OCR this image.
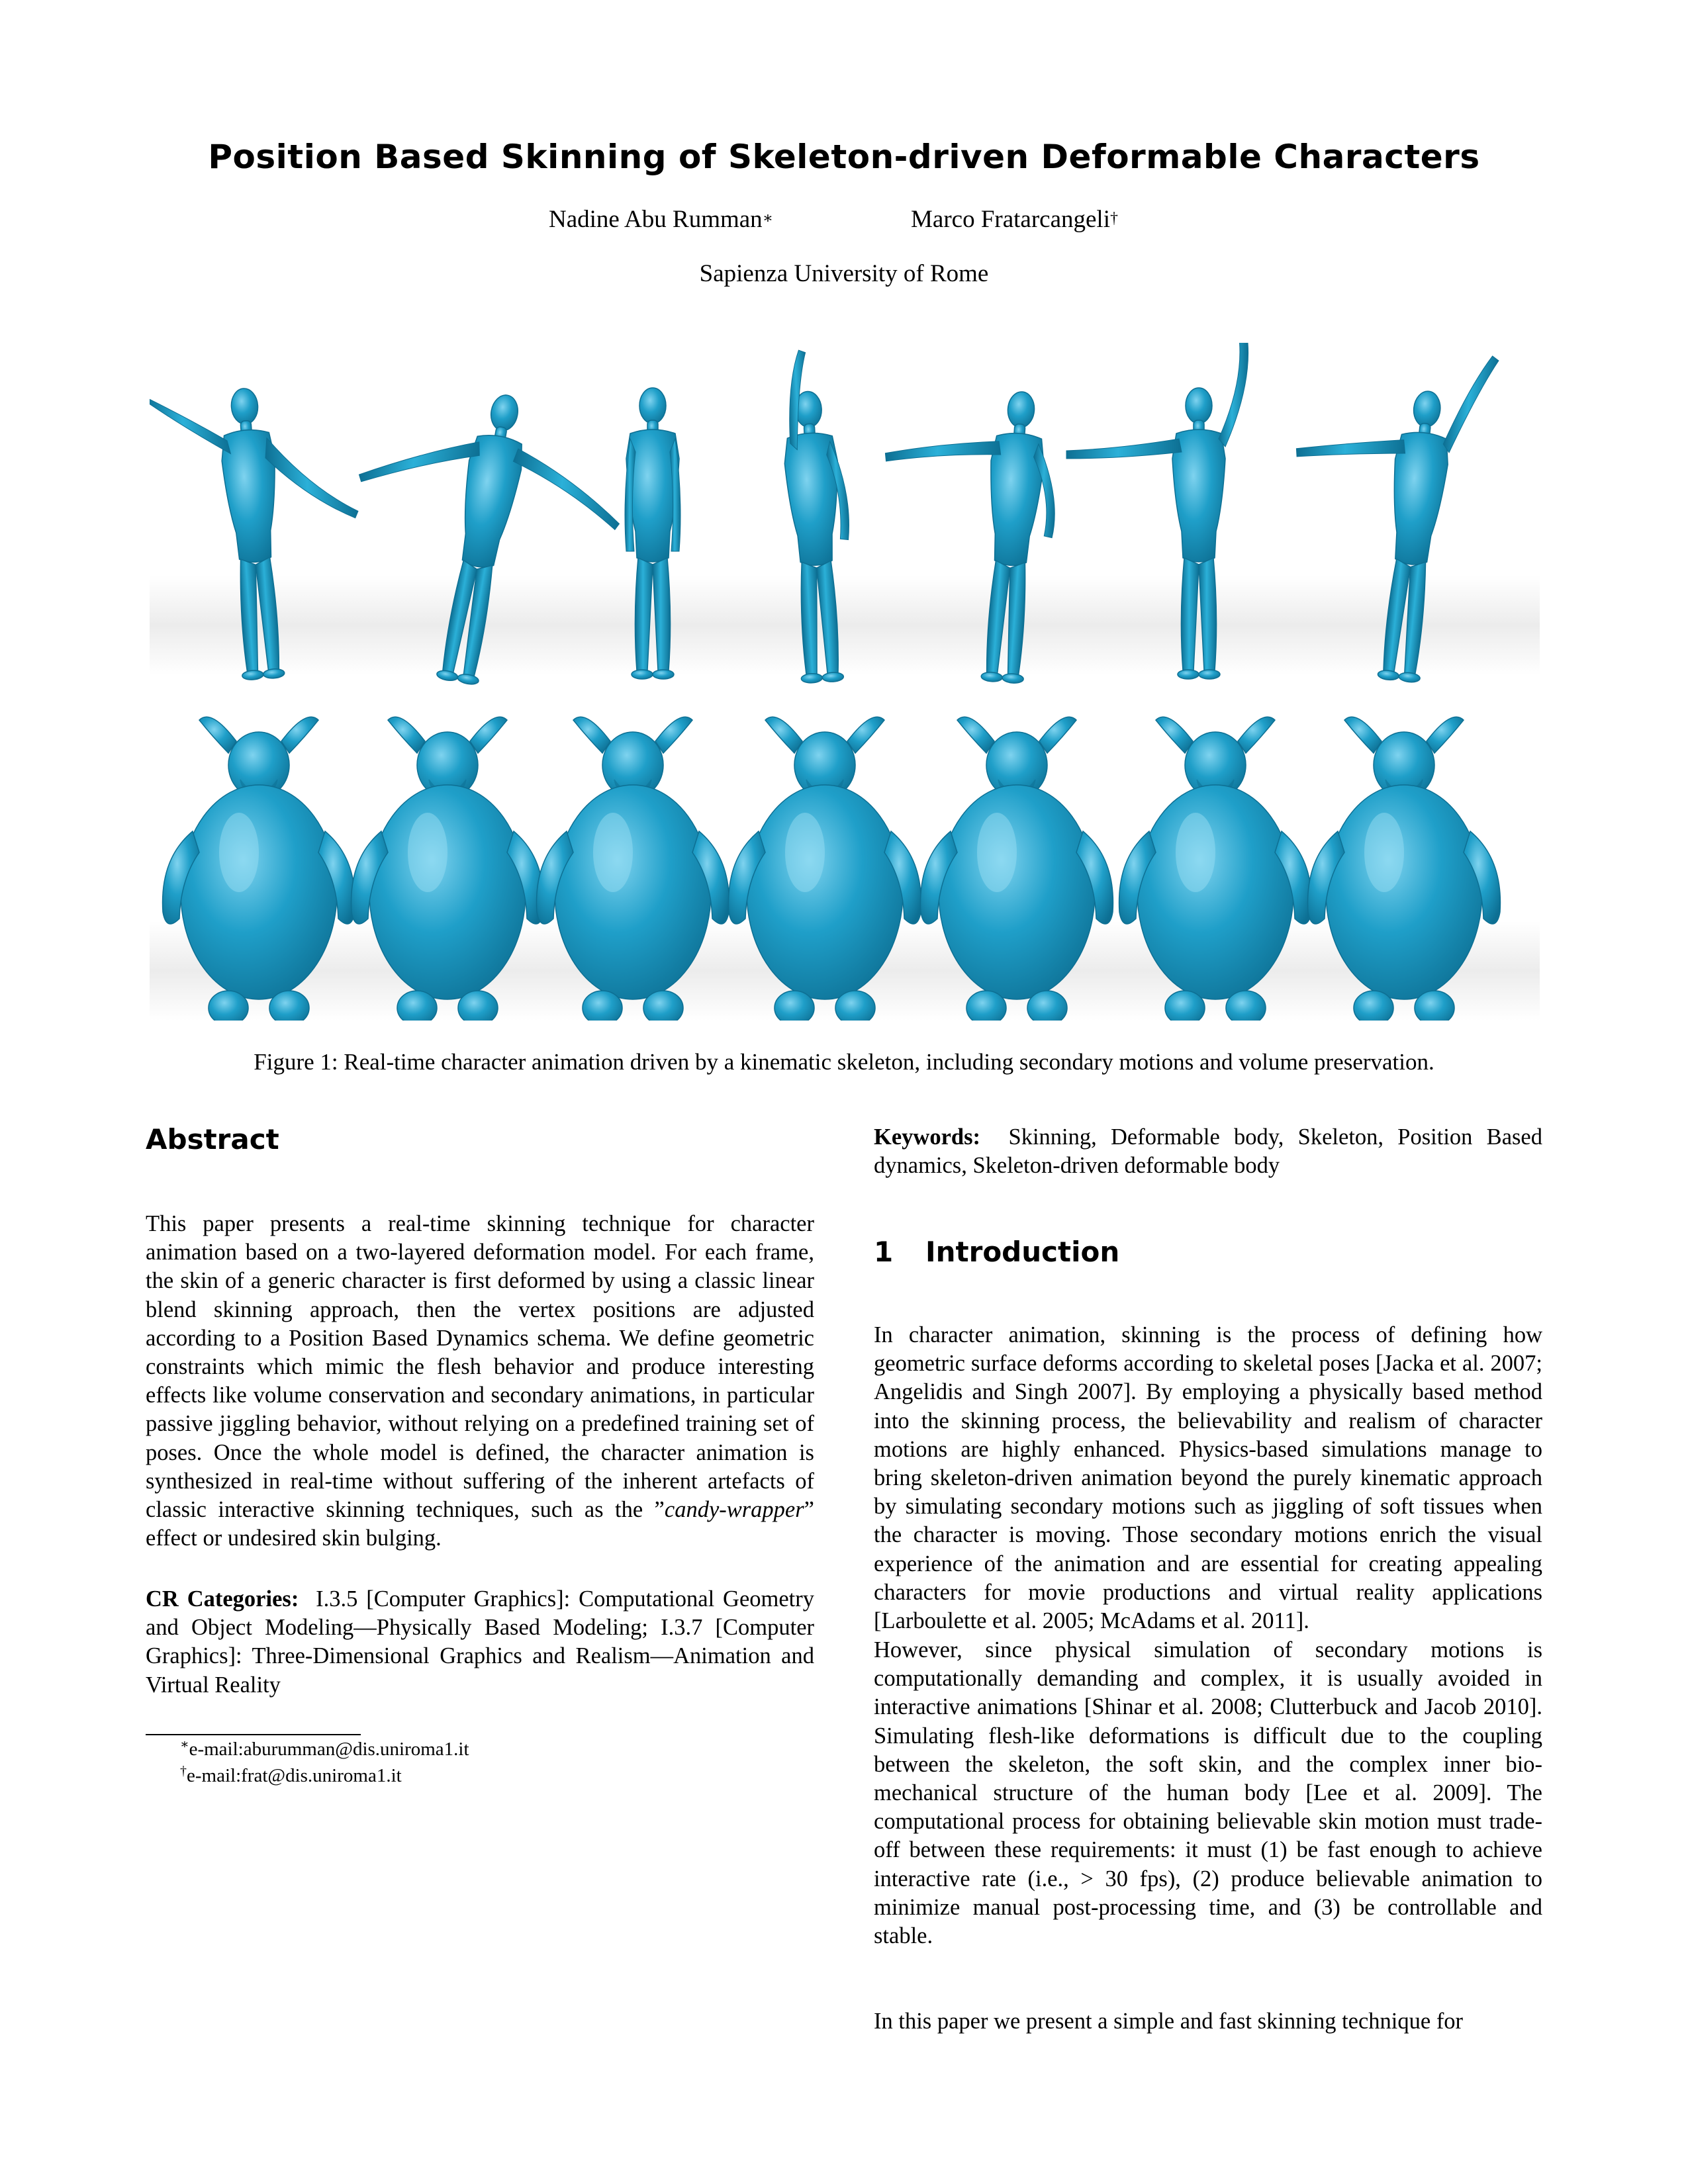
Position Based Skinning of Skeleton-driven Deformable Characters
Nadine Abu Rumman∗	Marco Fratarcangeli†
Sapienza University of Rome
Figure 1: Real-time character animation driven by a kinematic skeleton, including secondary motions and volume preservation.
Abstract

This paper presents a real-time skinning technique for character animation based on a two-layered deformation model. For each frame, the skin of a generic character is first deformed by using a classic linear blend skinning approach, then the vertex positions are adjusted according to a Position Based Dynamics schema. We define geometric constraints which mimic the flesh behavior and produce interesting effects like volume conservation and secondary animations, in particular passive jiggling behavior, without relying on a predefined training set of poses. Once the whole model is defined, the character animation is synthesized in real-time without suffering of the inherent artefacts of classic interactive skinning techniques, such as the ”candy-wrapper” effect or undesired skin bulging.

CR Categories: I.3.5 [Computer Graphics]: Computational Geometry and Object Modeling—Physically Based Modeling; I.3.7 [Computer Graphics]: Three-Dimensional Graphics and Realism—Animation and Virtual Reality

∗e-mail:aburumman@dis.uniroma1.it
†e-mail:frat@dis.uniroma1.it

Keywords: Skinning, Deformable body, Skeleton, Position Based dynamics, Skeleton-driven deformable body

1 Introduction

In character animation, skinning is the process of defining how geometric surface deforms according to skeletal poses [Jacka et al. 2007; Angelidis and Singh 2007]. By employing a physically based method into the skinning process, the believability and realism of character motions are highly enhanced. Physics-based simulations manage to bring skeleton-driven animation beyond the purely kinematic approach by simulating secondary motions such as jiggling of soft tissues when the character is moving. Those secondary motions enrich the visual experience of the animation and are essential for creating appealing characters for movie productions and virtual reality applications [Larboulette et al. 2005; McAdams et al. 2011].

However, since physical simulation of secondary motions is computationally demanding and complex, it is usually avoided in interactive animations [Shinar et al. 2008; Clutterbuck and Jacob 2010]. Simulating flesh-like deformations is difficult due to the coupling between the skeleton, the soft skin, and the complex inner bio-mechanical structure of the human body [Lee et al. 2009]. The computational process for obtaining believable skin motion must trade-off between these requirements: it must (1) be fast enough to achieve interactive rate (i.e., > 30 fps), (2) produce believable animation to minimize manual post-processing time, and (3) be controllable and stable.

In this paper we present a simple and fast skinning technique for
